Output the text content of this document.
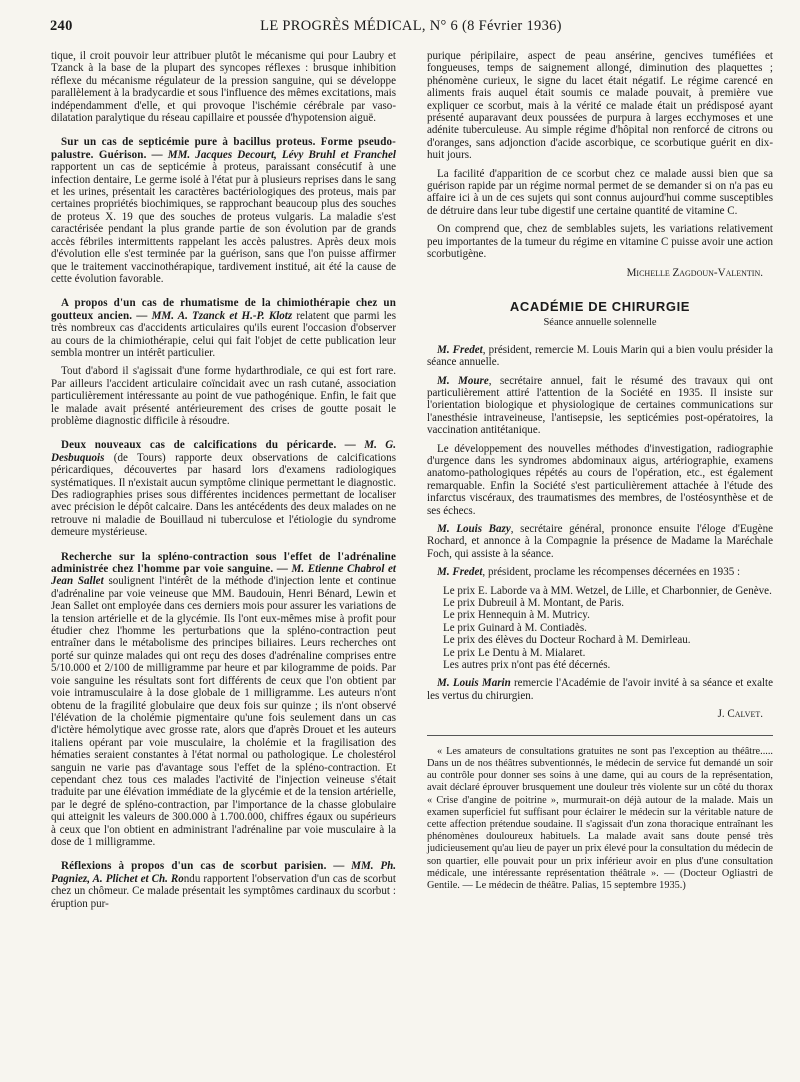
240	LE PROGRÈS MÉDICAL, N° 6 (8 Février 1936)

tique, il croit pouvoir leur attribuer plutôt le mécanisme qui pour Laubry et Tzanck à la base de la plupart des syncopes réflexes : brusque inhibition réflexe du mécanisme régulateur de la pression sanguine, qui se développe parallèlement à la bradycardie et sous l'influence des mêmes excitations, mais indépendamment d'elle, et qui provoque l'ischémie cérébrale par vaso-dilatation paralytique du réseau capillaire et poussée d'hypotension aiguë.

Sur un cas de septicémie pure à bacillus proteus. Forme pseudo-palustre. Guérison. — MM. Jacques Decourt, Lévy Bruhl et Franchel rapportent un cas de septicémie à proteus, paraissant consécutif à une infection dentaire, Le germe isolé à l'état pur à plusieurs reprises dans le sang et les urines, présentait les caractères bactériologiques des proteus, mais par certaines propriétés biochimiques, se rapprochant beaucoup plus des souches de proteus X. 19 que des souches de proteus vulgaris. La maladie s'est caractérisée pendant la plus grande partie de son évolution par de grands accès fébriles intermittents rappelant les accès palustres. Après deux mois d'évolution elle s'est terminée par la guérison, sans que l'on puisse affirmer que le traitement vaccinothérapique, tardivement institué, ait été la cause de cette évolution favorable.

A propos d'un cas de rhumatisme de la chimiothérapie chez un goutteux ancien. — MM. A. Tzanck et H.-P. Klotz relatent que parmi les très nombreux cas d'accidents articulaires qu'ils eurent l'occasion d'observer au cours de la chimiothérapie, celui qui fait l'objet de cette publication leur sembla montrer un intérêt particulier.

Tout d'abord il s'agissait d'une forme hydarthrodiale, ce qui est fort rare. Par ailleurs l'accident articulaire coïncidait avec un rash cutané, association particulièrement intéressante au point de vue pathogénique. Enfin, le fait que le malade avait présenté antérieurement des crises de goutte posait le problème diagnostic difficile à résoudre.

Deux nouveaux cas de calcifications du péricarde. — M. G. Desbuquois (de Tours) rapporte deux observations de calcifications péricardiques, découvertes par hasard lors d'examens radiologiques systématiques. Il n'existait aucun symptôme clinique permettant le diagnostic. Des radiographies prises sous différentes incidences permettant de localiser avec précision le dépôt calcaire. Dans les antécédents des deux malades on ne retrouve ni maladie de Bouillaud ni tuberculose et l'étiologie du syndrome demeure mystérieuse.

Recherche sur la spléno-contraction sous l'effet de l'adrénaline administrée chez l'homme par voie sanguine. — M. Etienne Chabrol et Jean Sallet soulignent l'intérêt de la méthode d'injection lente et continue d'adrénaline par voie veineuse que MM. Baudouin, Henri Bénard, Lewin et Jean Sallet ont employée dans ces derniers mois pour assurer les variations de la tension artérielle et de la glycémie. Ils l'ont eux-mêmes mise à profit pour étudier chez l'homme les perturbations que la spléno-contraction peut entraîner dans le métabolisme des principes biliaires. Leurs recherches ont porté sur quinze malades qui ont reçu des doses d'adrénaline comprises entre 5/10.000 et 2/100 de milligramme par heure et par kilogramme de poids. Par voie sanguine les résultats sont fort différents de ceux que l'on obtient par voie intramusculaire à la dose globale de 1 milligramme. Les auteurs n'ont obtenu de la fragilité globulaire que deux fois sur quinze ; ils n'ont observé l'élévation de la cholémie pigmentaire qu'une fois seulement dans un cas d'ictère hémolytique avec grosse rate, alors que d'après Drouet et les auteurs italiens opérant par voie musculaire, la cholémie et la fragilisation des hématies seraient constantes à l'état normal ou pathologique. Le cholestérol sanguin ne varie pas d'avantage sous l'effet de la spléno-contraction. Et cependant chez tous ces malades l'activité de l'injection veineuse s'était traduite par une élévation immédiate de la glycémie et de la tension artérielle, par le degré de spléno-contraction, par l'importance de la chasse globulaire qui atteignit les valeurs de 300.000 à 1.700.000, chiffres égaux ou supérieurs à ceux que l'on obtient en administrant l'adrénaline par voie musculaire à la dose de 1 milligramme.

Réflexions à propos d'un cas de scorbut parisien. — MM. Ph. Pagniez, A. Plichet et Ch. Rondu rapportent l'observation d'un cas de scorbut chez un chômeur. Ce malade présentait les symptômes cardinaux du scorbut : éruption pur-

purique péripilaire, aspect de peau ansérine, gencives tuméfiées et fongueuses, temps de saignement allongé, diminution des plaquettes ; phénomène curieux, le signe du lacet était négatif. Le régime carencé en aliments frais auquel était soumis ce malade pouvait, à première vue expliquer ce scorbut, mais à la vérité ce malade était un prédisposé ayant présenté auparavant deux poussées de purpura à larges ecchymoses et une adénite tuberculeuse. Au simple régime d'hôpital non renforcé de citrons ou d'oranges, sans adjonction d'acide ascorbique, ce scorbutique guérit en dix-huit jours.

La facilité d'apparition de ce scorbut chez ce malade aussi bien que sa guérison rapide par un régime normal permet de se demander si on n'a pas eu affaire ici à un de ces sujets qui sont connus aujourd'hui comme susceptibles de détruire dans leur tube digestif une certaine quantité de vitamine C.

On comprend que, chez de semblables sujets, les variations relativement peu importantes de la tumeur du régime en vitamine C puisse avoir une action scorbutigène.

Michelle Zagdoun-Valentin.
ACADÉMIE DE CHIRURGIE
Séance annuelle solennelle

M. Fredet, président, remercie M. Louis Marin qui a bien voulu présider la séance annuelle.

M. Moure, secrétaire annuel, fait le résumé des travaux qui ont particulièrement attiré l'attention de la Société en 1935. Il insiste sur l'orientation biologique et physiologique de certaines communications sur l'anesthésie intraveineuse, l'antisepsie, les septicémies post-opératoires, la vaccination antitétanique.

Le développement des nouvelles méthodes d'investigation, radiographie d'urgence dans les syndromes abdominaux aigus, artériographie, examens anatomo-pathologiques répétés au cours de l'opération, etc., est également remarquable. Enfin la Société s'est particulièrement attachée à l'étude des infarctus viscéraux, des traumatismes des membres, de l'ostéosynthèse et de ses échecs.

M. Louis Bazy, secrétaire général, prononce ensuite l'éloge d'Eugène Rochard, et annonce à la Compagnie la présence de Madame la Maréchale Foch, qui assiste à la séance.

M. Fredet, président, proclame les récompenses décernées en 1935 :

Le prix E. Laborde va à MM. Wetzel, de Lille, et Charbonnier, de Genève.
Le prix Dubreuil à M. Montant, de Paris.
Le prix Hennequin à M. Mutricy.
Le prix Guinard à M. Contiadès.
Le prix des élèves du Docteur Rochard à M. Demirleau.
Le prix Le Dentu à M. Mialaret.
Les autres prix n'ont pas été décernés.

M. Louis Marin remercie l'Académie de l'avoir invité à sa séance et exalte les vertus du chirurgien.

J. Calvet.

« Les amateurs de consultations gratuites ne sont pas l'exception au théâtre..... Dans un de nos théâtres subventionnés, le médecin de service fut demandé un soir au contrôle pour donner ses soins à une dame, qui au cours de la représentation, avait déclaré éprouver brusquement une douleur très violente sur un côté du thorax « Crise d'angine de poitrine », murmurait-on déjà autour de la malade. Mais un examen superficiel fut suffisant pour éclairer le médecin sur la véritable nature de cette affection prétendue soudaine. Il s'agissait d'un zona thoracique entraînant les phénomènes douloureux habituels. La malade avait sans doute pensé très judicieusement qu'au lieu de payer un prix élevé pour la consultation du médecin de son quartier, elle pouvait pour un prix inférieur avoir en plus d'une consultation médicale, une intéressante représentation théâtrale ». — (Docteur Ogliastri de Gentile. — Le médecin de théâtre. Palias, 15 septembre 1935.)
